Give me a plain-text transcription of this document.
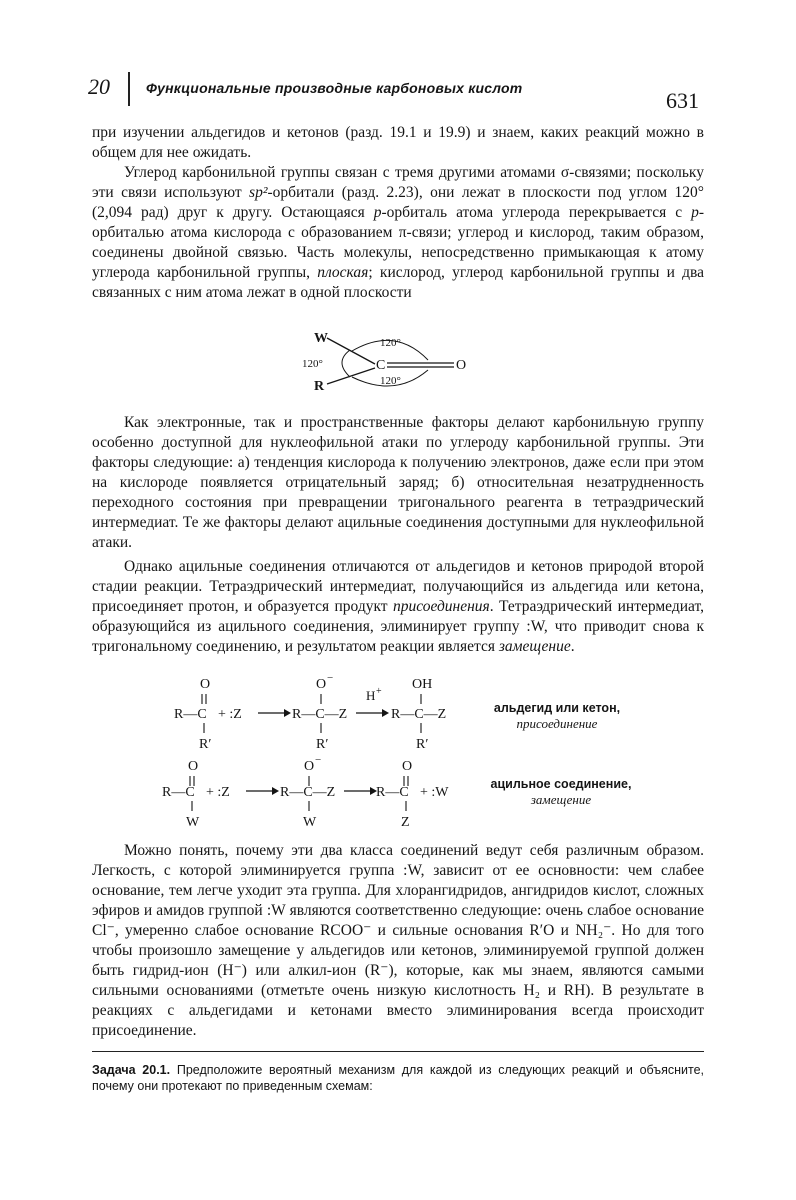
20	Функциональные производные карбоновых кислот	631

при изучении альдегидов и кетонов (разд. 19.1 и 19.9) и знаем, каких реакций можно в общем для нее ожидать.

Углерод карбонильной группы связан с тремя другими атомами σ-связями; поскольку эти связи используют sp²-орбитали (разд. 2.23), они лежат в плоскости под углом 120° (2,094 рад) друг к другу. Остающаяся p-орбиталь атома углерода перекрывается с p-орбиталью атома кислорода с образованием π-связи; углерод и кислород, таким образом, соединены двойной связью. Часть молекулы, непосредственно примыкающая к атому углерода карбонильной группы, плоская; кислород, углерод карбонильной группы и два связанных с ним атома лежат в одной плоскости

W
R
C	O
120°
120°
120°

Как электронные, так и пространственные факторы делают карбонильную группу особенно доступной для нуклеофильной атаки по углероду карбонильной группы. Эти факторы следующие: а) тенденция кислорода к получению электронов, даже если при этом на кислороде появляется отрицательный заряд; б) относительная незатрудненность переходного состояния при превращении тригонального реагента в тетраэдрический интермедиат. Те же факторы делают ацильные соединения доступными для нуклеофильной атаки.

Однако ацильные соединения отличаются от альдегидов и кетонов природой второй стадии реакции. Тетраэдрический интермедиат, получающийся из альдегида или кетона, присоединяет протон, и образуется продукт присоединения. Тетраэдрический интермедиат, образующийся из ацильного соединения, элиминирует группу :W, что приводит снова к тригональному соединению, и результатом реакции является замещение.

O
R—C + :Z
R′
O −
R—C—Z
R′
H + OH
R—C—Z
R′
альдегид или кетон,
присоединение
O
R—C + :Z
W
O −
R—C—Z
W
O
R—C + :W
Z
ацильное соединение,
замещение

Можно понять, почему эти два класса соединений ведут себя различным образом. Легкость, с которой элиминируется группа :W, зависит от ее основности: чем слабее основание, тем легче уходит эта группа. Для хлорангидридов, ангидридов кислот, сложных эфиров и амидов группой :W являются соответственно следующие: очень слабое основание Cl⁻, умеренно слабое основание RCOO⁻ и сильные основания R′O и NH₂⁻. Но для того чтобы произошло замещение у альдегидов или кетонов, элиминируемой группой должен быть гидрид-ион (H⁻) или алкил-ион (R⁻), которые, как мы знаем, являются самыми сильными основаниями (отметьте очень низкую кислотность H₂ и RH). В результате в реакциях с альдегидами и кетонами вместо элиминирования всегда происходит присоединение.

Задача 20.1. Предположите вероятный механизм для каждой из следующих реакций и объясните, почему они протекают по приведенным схемам:
